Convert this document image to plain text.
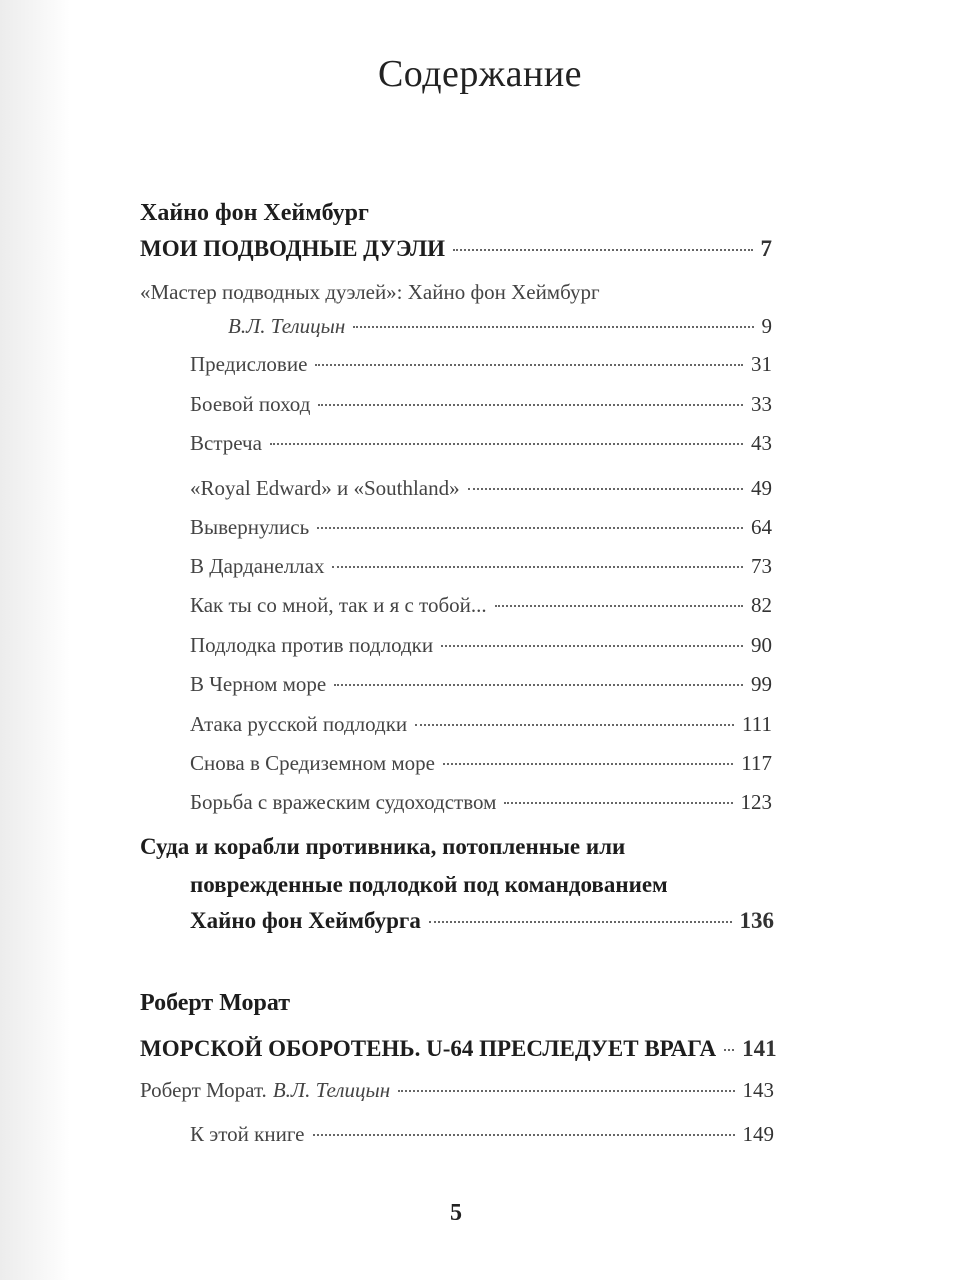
Содержание
Хайно фон Хеймбург
МОИ ПОДВОДНЫЕ ДУЭЛИ	7
«Мастер подводных дуэлей»: Хайно фон Хеймбург
В.Л. Телицын	9
Предисловие	31
Боевой поход	33
Встреча	43
«Royal Edward» и «Southland»	49
Вывернулись	64
В Дарданеллах	73
Как ты со мной, так и я с тобой...	82
Подлодка против подлодки	90
В Черном море	99
Атака русской подлодки	111
Снова в Средиземном море	117
Борьба с вражеским судоходством	123
Суда и корабли противника, потопленные или
поврежденные подлодкой под командованием
Хайно фон Хеймбурга	136
Роберт Морат
МОРСКОЙ ОБОРОТЕНЬ. U-64 ПРЕСЛЕДУЕТ ВРАГА 141
Роберт Морат. В.Л. Телицын	143
К этой книге	149
5
